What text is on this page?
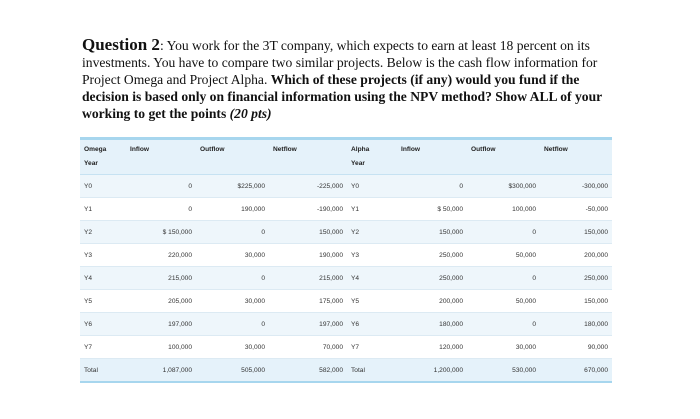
Question 2: You work for the 3T company, which expects to earn at least 18 percent on its investments. You have to compare two similar projects. Below is the cash flow information for Project Omega and Project Alpha. Which of these projects (if any) would you fund if the decision is based only on financial information using the NPV method? Show ALL of your working to get the points (20 pts)
Omega	Inflow	Outflow	Netflow	Alpha	Inflow	Outflow	Netflow
Year				Year			
Y0	0	$225,000	-225,000	Y0	0	$300,000	-300,000
Y1	0	190,000	-190,000	Y1	$ 50,000	100,000	-50,000
Y2	$ 150,000	0	150,000	Y2	150,000	0	150,000
Y3	220,000	30,000	190,000	Y3	250,000	50,000	200,000
Y4	215,000	0	215,000	Y4	250,000	0	250,000
Y5	205,000	30,000	175,000	Y5	200,000	50,000	150,000
Y6	197,000	0	197,000	Y6	180,000	0	180,000
Y7	100,000	30,000	70,000	Y7	120,000	30,000	90,000
Total	1,087,000	505,000	582,000	Total	1,200,000	530,000	670,000
